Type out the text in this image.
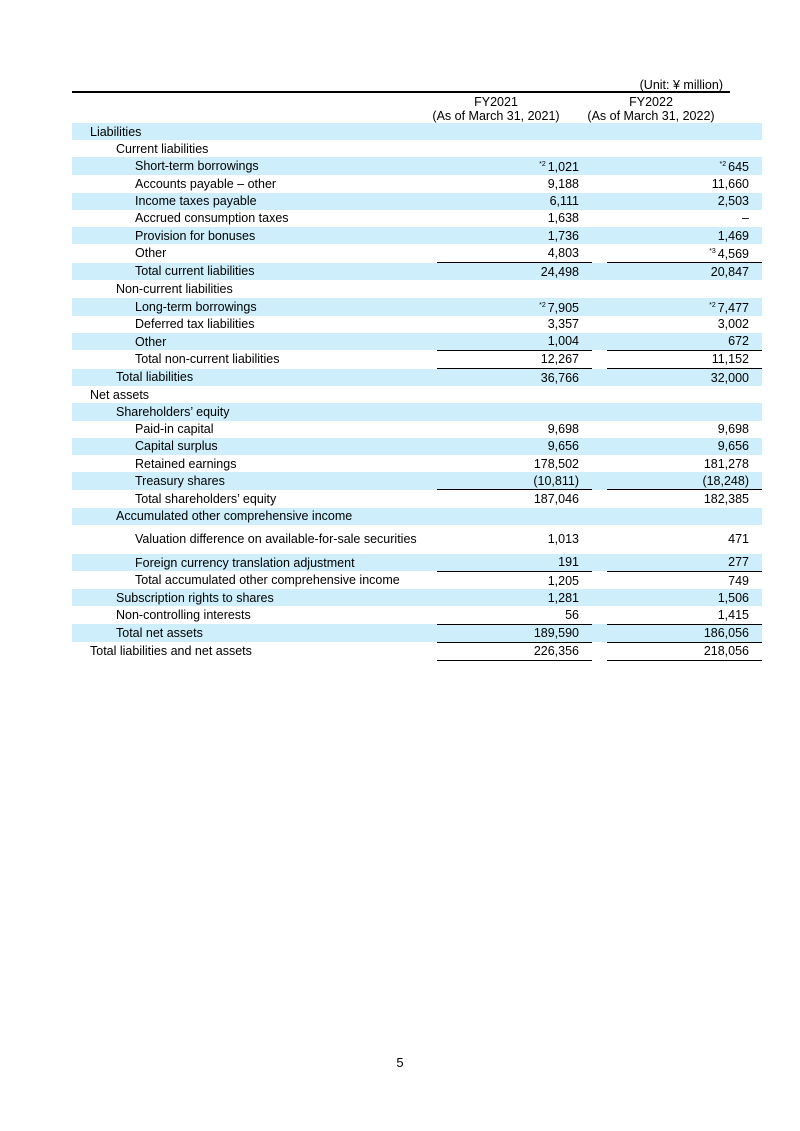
(Unit: ¥ million)
FY2021
(As of March 31, 2021)
FY2022
(As of March 31, 2022)
Liabilities				
Current liabilities				
Short-term borrowings		$^{*2}$ 1,021		$^{*2}$ 645
Accounts payable – other		9,188		11,660
Income taxes payable		6,111		2,503
Accrued consumption taxes		1,638		–
Provision for bonuses		1,736		1,469
Other		4,803		$^{*3}$ 4,569
Total current liabilities		24,498		20,847
Non-current liabilities				
Long-term borrowings		$^{*2}$ 7,905		$^{*2}$ 7,477
Deferred tax liabilities		3,357		3,002
Other		1,004		672
Total non-current liabilities		12,267		11,152
Total liabilities		36,766		32,000
Net assets				
Shareholders’ equity				
Paid-in capital		9,698		9,698
Capital surplus		9,656		9,656
Retained earnings		178,502		181,278
Treasury shares		(10,811)		(18,248)
Total shareholders’ equity		187,046		182,385
Accumulated other comprehensive income				
Valuation difference on available-for-sale securities		1,013		471
Foreign currency translation adjustment		191		277
Total accumulated other comprehensive income		1,205		749
Subscription rights to shares		1,281		1,506
Non-controlling interests		56		1,415
Total net assets		189,590		186,056
Total liabilities and net assets		226,356		218,056
5
